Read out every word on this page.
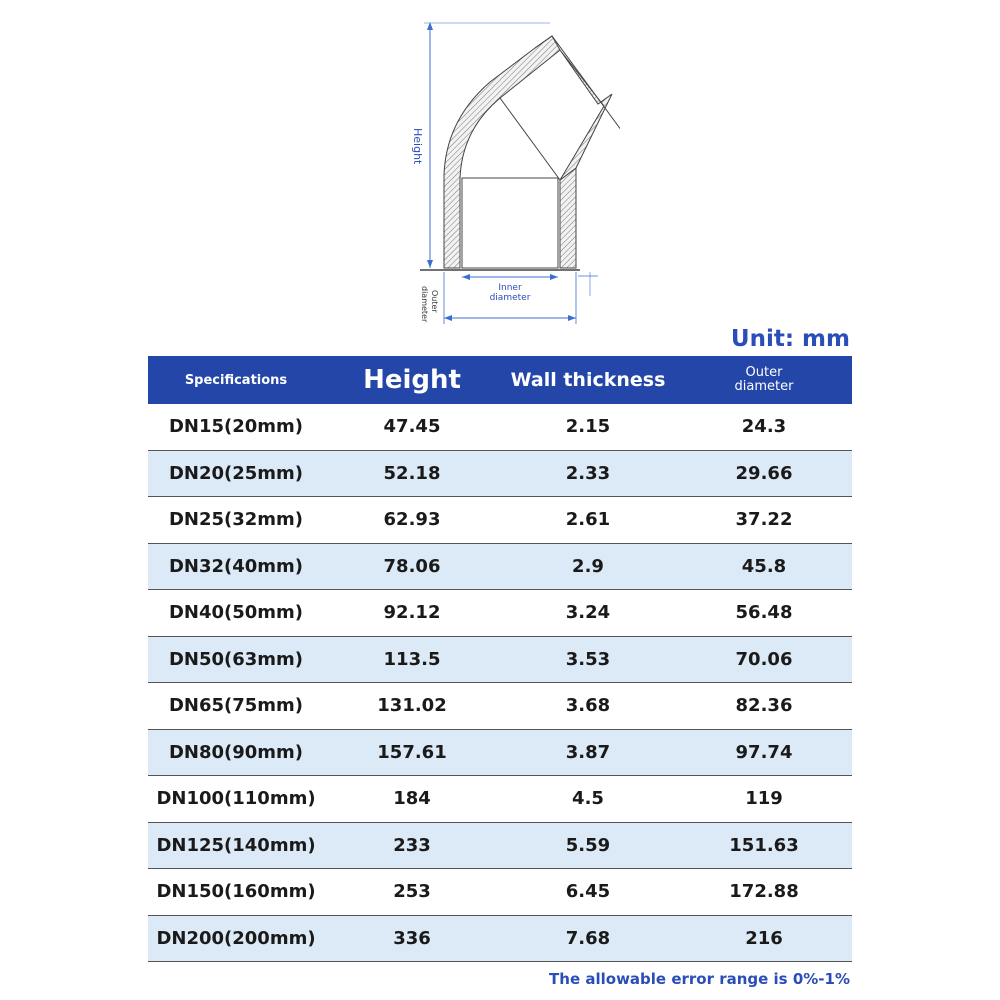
Height
Inner
diameter
Outer
diameter
Unit: mm
Specifications	Height	Wall thickness	Outer
diameter
DN15(20mm)	47.45	2.15	24.3
DN20(25mm)	52.18	2.33	29.66
DN25(32mm)	62.93	2.61	37.22
DN32(40mm)	78.06	2.9	45.8
DN40(50mm)	92.12	3.24	56.48
DN50(63mm)	113.5	3.53	70.06
DN65(75mm)	131.02	3.68	82.36
DN80(90mm)	157.61	3.87	97.74
DN100(110mm)	184	4.5	119
DN125(140mm)	233	5.59	151.63
DN150(160mm)	253	6.45	172.88
DN200(200mm)	336	7.68	216
The allowable error range is 0%-1%
